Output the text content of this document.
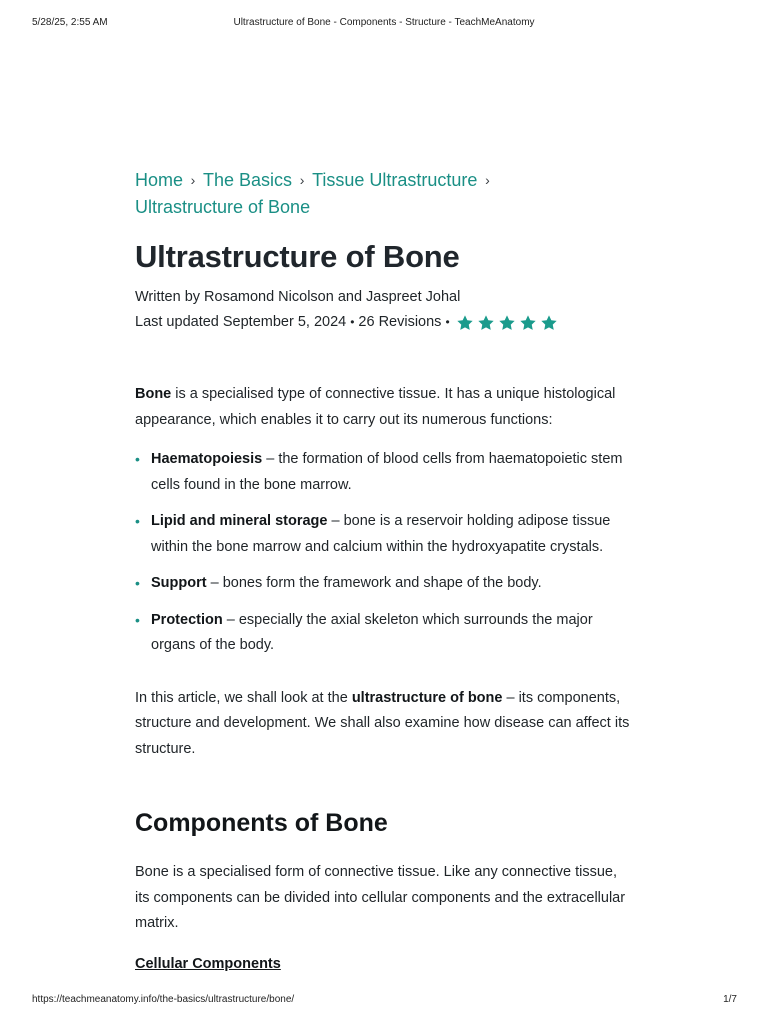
5/28/25, 2:55 AM	Ultrastructure of Bone - Components - Structure - TeachMeAnatomy
Home › The Basics › Tissue Ultrastructure ›
Ultrastructure of Bone
Ultrastructure of Bone
Written by Rosamond Nicolson and Jaspreet Johal
Last updated September 5, 2024 • 26 Revisions •

Bone is a specialised type of connective tissue. It has a unique histological appearance, which enables it to carry out its numerous functions:

• Haematopoiesis – the formation of blood cells from haematopoietic stem cells found in the bone marrow.
• Lipid and mineral storage – bone is a reservoir holding adipose tissue within the bone marrow and calcium within the hydroxyapatite crystals.
• Support – bones form the framework and shape of the body.
• Protection – especially the axial skeleton which surrounds the major organs of the body.

In this article, we shall look at the ultrastructure of bone – its components, structure and development. We shall also examine how disease can affect its structure.

Components of Bone

Bone is a specialised form of connective tissue. Like any connective tissue, its components can be divided into cellular components and the extracellular matrix.

Cellular Components
https://teachmeanatomy.info/the-basics/ultrastructure/bone/	1/7
